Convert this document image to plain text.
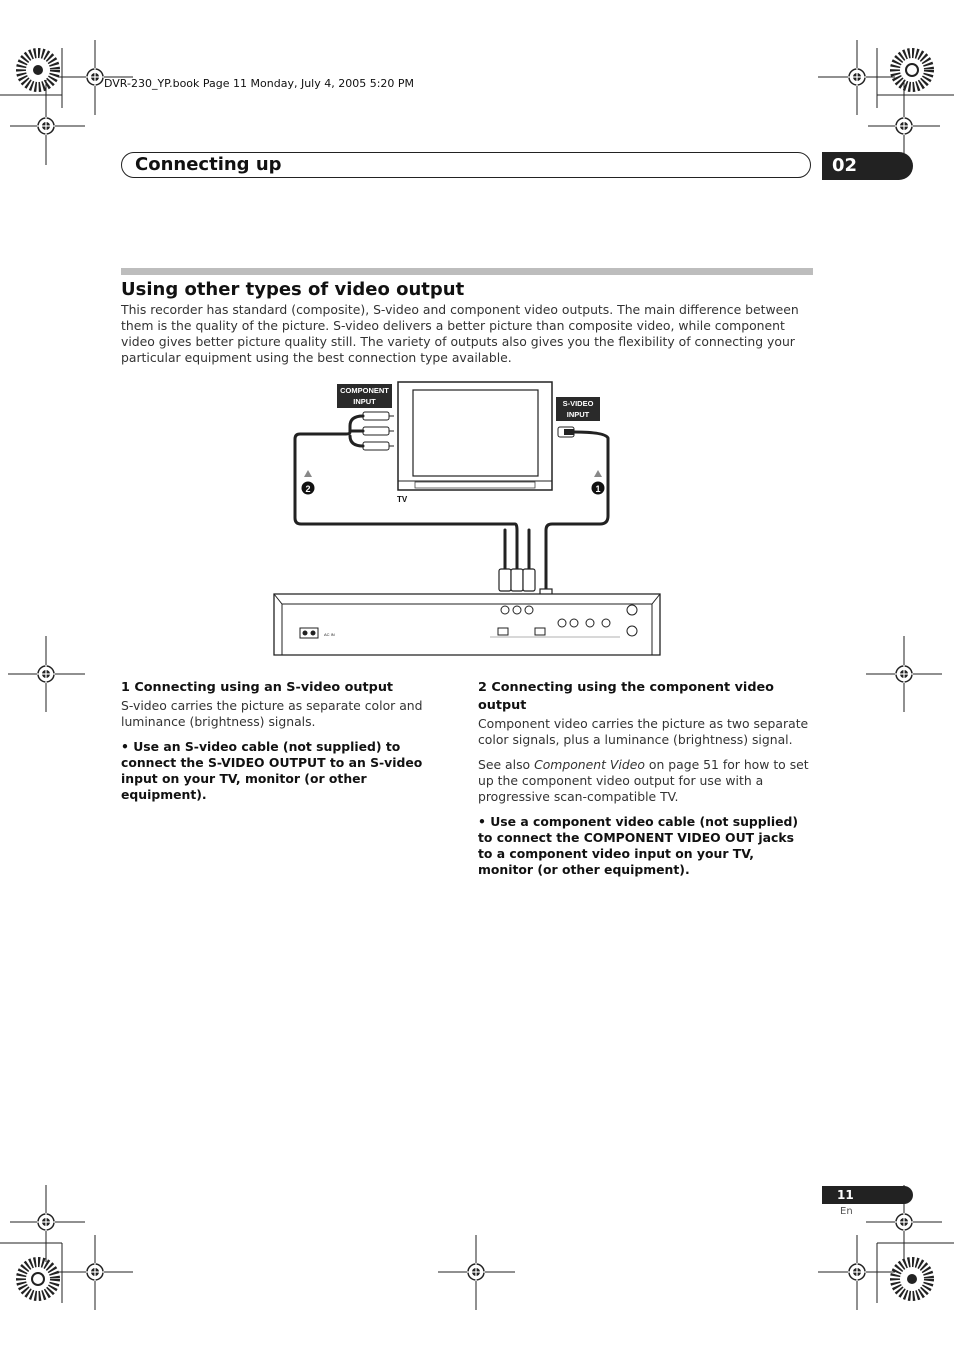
DVR-230_YP.book Page 11 Monday, July 4, 2005 5:20 PM
Connecting up	02
Using other types of video output
This recorder has standard (composite), S-video and component video outputs. The main difference between them is the quality of the picture. S-video delivers a better picture than composite video, while component video gives better picture quality still. The variety of outputs also gives you the flexibility of connecting your particular equipment using the best connection type available.
TV
COMPONENT
INPUT	S-VIDEO
INPUT
2	1
AC IN
1 Connecting using an S-video output

S-video carries the picture as separate color and luminance (brightness) signals.

• Use an S-video cable (not supplied) to connect the S-VIDEO OUTPUT to an S-video input on your TV, monitor (or other equipment).

2 Connecting using the component video output

Component video carries the picture as two separate color signals, plus a luminance (brightness) signal.

See also Component Video on page 51 for how to set up the component video output for use with a progressive scan-compatible TV.

• Use a component video cable (not supplied) to connect the COMPONENT VIDEO OUT jacks to a component video input on your TV, monitor (or other equipment).

11
En
